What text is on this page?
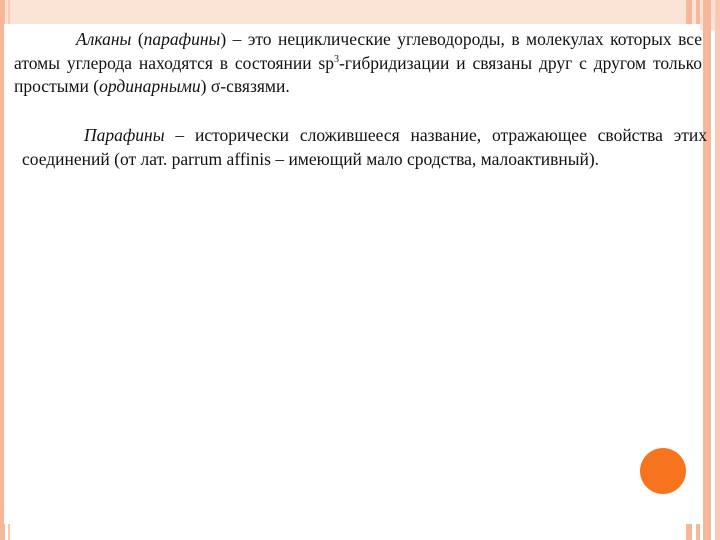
Алканы (парафины) – это нециклические углеводороды, в молекулах которых все атомы углерода находятся в состоянии $sp^3$-гибридизации и связаны друг с другом только простыми (ординарными) σ-связями.

Парафины – исторически сложившееся название, отражающее свойства этих соединений (от лат. parrum affinis – имеющий мало сродства, малоактивный).
